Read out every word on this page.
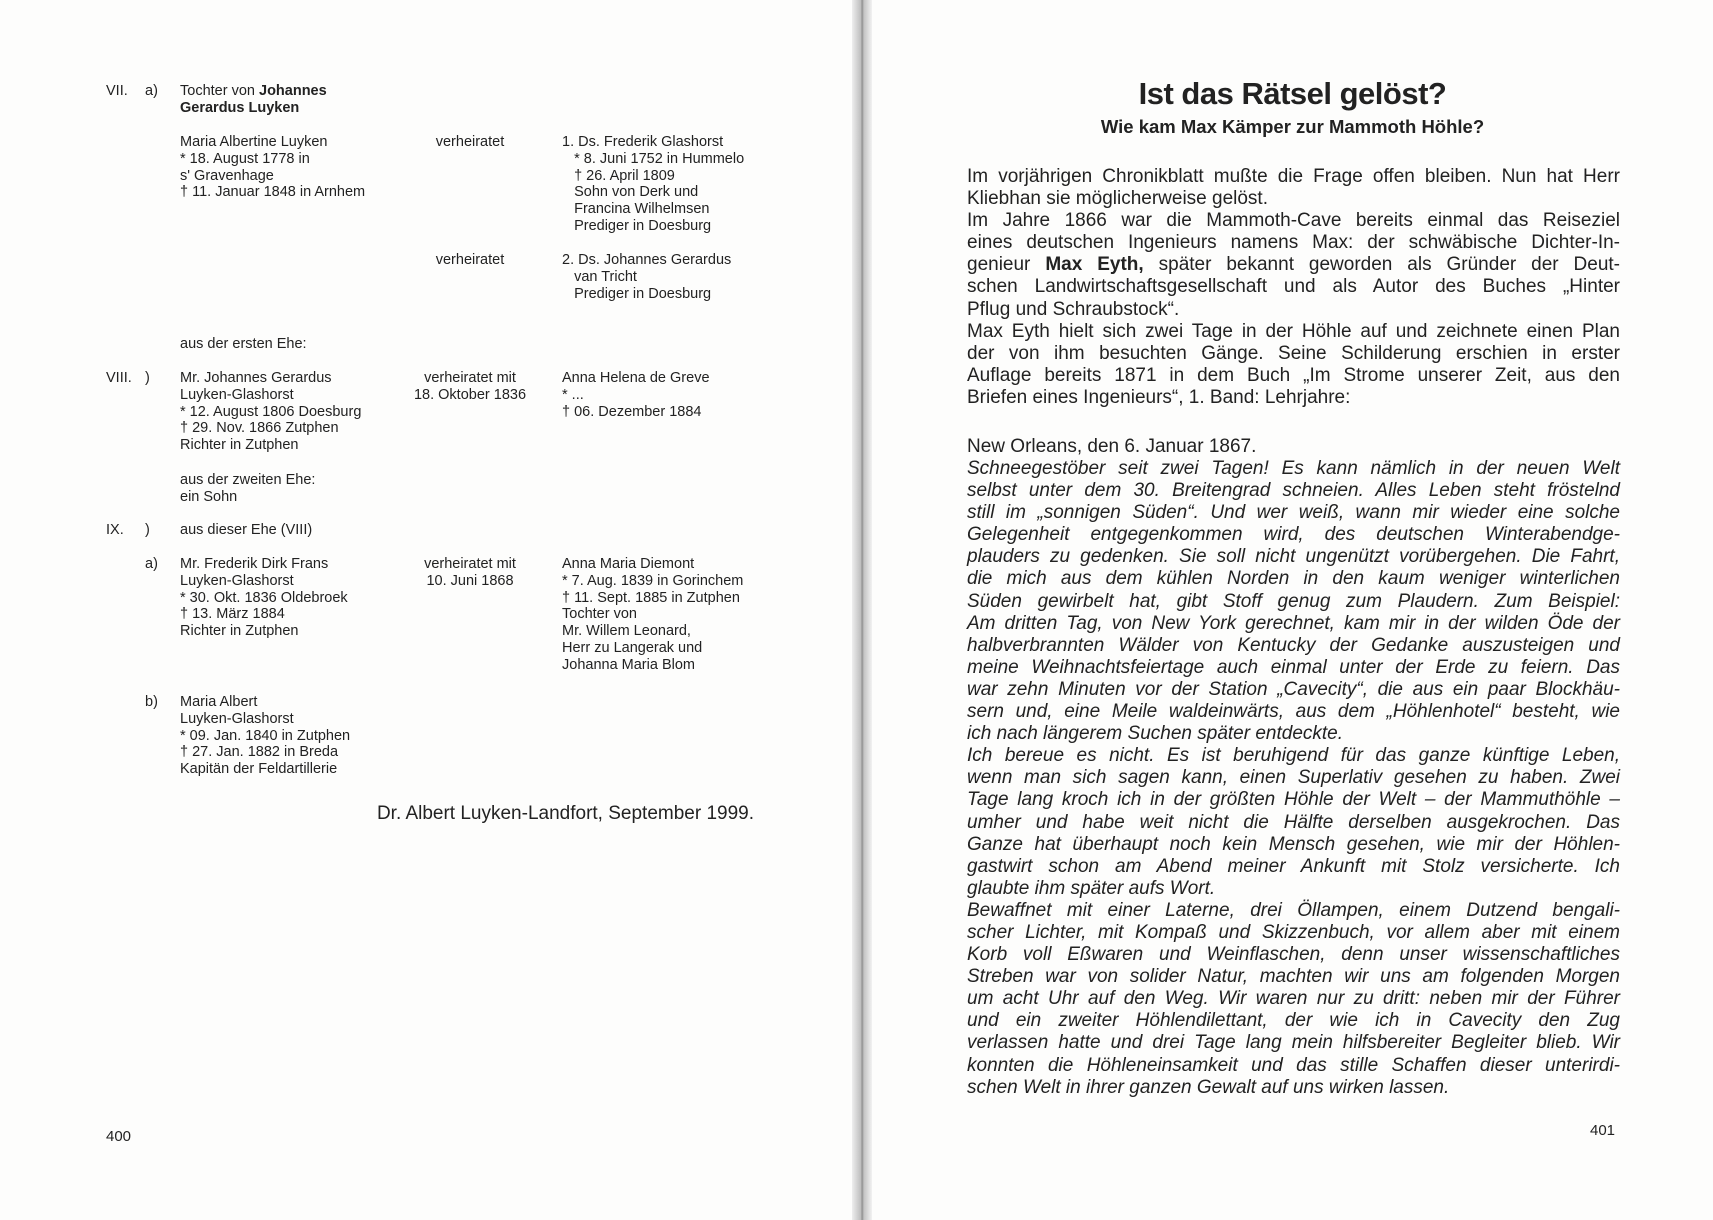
VII. a) Tochter von Johannes
Gerardus Luyken
Maria Albertine Luyken
* 18. August 1778 in
s' Gravenhage
† 11. Januar 1848 in Arnhem
verheiratet	1. Ds. Frederik Glashorst
* 8. Juni 1752 in Hummelo
† 26. April 1809
Sohn von Derk und
Francina Wilhelmsen
Prediger in Doesburg
verheiratet	2. Ds. Johannes Gerardus
van Tricht
Prediger in Doesburg
aus der ersten Ehe:
VIII. ) Mr. Johannes Gerardus
Luyken-Glashorst
* 12. August 1806 Doesburg
† 29. Nov. 1866 Zutphen
Richter in Zutphen
verheiratet mit
18. Oktober 1836
Anna Helena de Greve
* ...
† 06. Dezember 1884
aus der zweiten Ehe:
ein Sohn
IX. ) aus dieser Ehe (VIII)
a) Mr. Frederik Dirk Frans
Luyken-Glashorst
* 30. Okt. 1836 Oldebroek
† 13. März 1884
Richter in Zutphen
verheiratet mit
10. Juni 1868
Anna Maria Diemont
* 7. Aug. 1839 in Gorinchem
† 11. Sept. 1885 in Zutphen
Tochter von
Mr. Willem Leonard,
Herr zu Langerak und
Johanna Maria Blom
b) Maria Albert
Luyken-Glashorst
* 09. Jan. 1840 in Zutphen
† 27. Jan. 1882 in Breda
Kapitän der Feldartillerie
Dr. Albert Luyken-Landfort, September 1999.
400
Ist das Rätsel gelöst?
Wie kam Max Kämper zur Mammoth Höhle?

Im vorjährigen Chronikblatt mußte die Frage offen bleiben. Nun hat Herr

Kliebhan sie möglicherweise gelöst.

Im Jahre 1866 war die Mammoth-Cave bereits einmal das Reiseziel

eines deutschen Ingenieurs namens Max: der schwäbische Dichter-In-

genieur Max Eyth, später bekannt geworden als Gründer der Deut-

schen Landwirtschaftsgesellschaft und als Autor des Buches „Hinter

Pflug und Schraubstock“.

Max Eyth hielt sich zwei Tage in der Höhle auf und zeichnete einen Plan

der von ihm besuchten Gänge. Seine Schilderung erschien in erster

Auflage bereits 1871 in dem Buch „Im Strome unserer Zeit, aus den

Briefen eines Ingenieurs“, 1. Band: Lehrjahre:

New Orleans, den 6. Januar 1867.

Schneegestöber seit zwei Tagen! Es kann nämlich in der neuen Welt

selbst unter dem 30. Breitengrad schneien. Alles Leben steht fröstelnd

still im „sonnigen Süden“. Und wer weiß, wann mir wieder eine solche

Gelegenheit entgegenkommen wird, des deutschen Winterabendge-

plauders zu gedenken. Sie soll nicht ungenützt vorübergehen. Die Fahrt,

die mich aus dem kühlen Norden in den kaum weniger winterlichen

Süden gewirbelt hat, gibt Stoff genug zum Plaudern. Zum Beispiel:

Am dritten Tag, von New York gerechnet, kam mir in der wilden Öde der

halbverbrannten Wälder von Kentucky der Gedanke auszusteigen und

meine Weihnachtsfeiertage auch einmal unter der Erde zu feiern. Das

war zehn Minuten vor der Station „Cavecity“, die aus ein paar Blockhäu-

sern und, eine Meile waldeinwärts, aus dem „Höhlenhotel“ besteht, wie

ich nach längerem Suchen später entdeckte.

Ich bereue es nicht. Es ist beruhigend für das ganze künftige Leben,

wenn man sich sagen kann, einen Superlativ gesehen zu haben. Zwei

Tage lang kroch ich in der größten Höhle der Welt – der Mammuthöhle –

umher und habe weit nicht die Hälfte derselben ausgekrochen. Das

Ganze hat überhaupt noch kein Mensch gesehen, wie mir der Höhlen-

gastwirt schon am Abend meiner Ankunft mit Stolz versicherte. Ich

glaubte ihm später aufs Wort.

Bewaffnet mit einer Laterne, drei Öllampen, einem Dutzend bengali-

scher Lichter, mit Kompaß und Skizzenbuch, vor allem aber mit einem

Korb voll Eßwaren und Weinflaschen, denn unser wissenschaftliches

Streben war von solider Natur, machten wir uns am folgenden Morgen

um acht Uhr auf den Weg. Wir waren nur zu dritt: neben mir der Führer

und ein zweiter Höhlendilettant, der wie ich in Cavecity den Zug

verlassen hatte und drei Tage lang mein hilfsbereiter Begleiter blieb. Wir

konnten die Höhleneinsamkeit und das stille Schaffen dieser unterirdi-

schen Welt in ihrer ganzen Gewalt auf uns wirken lassen.

401
